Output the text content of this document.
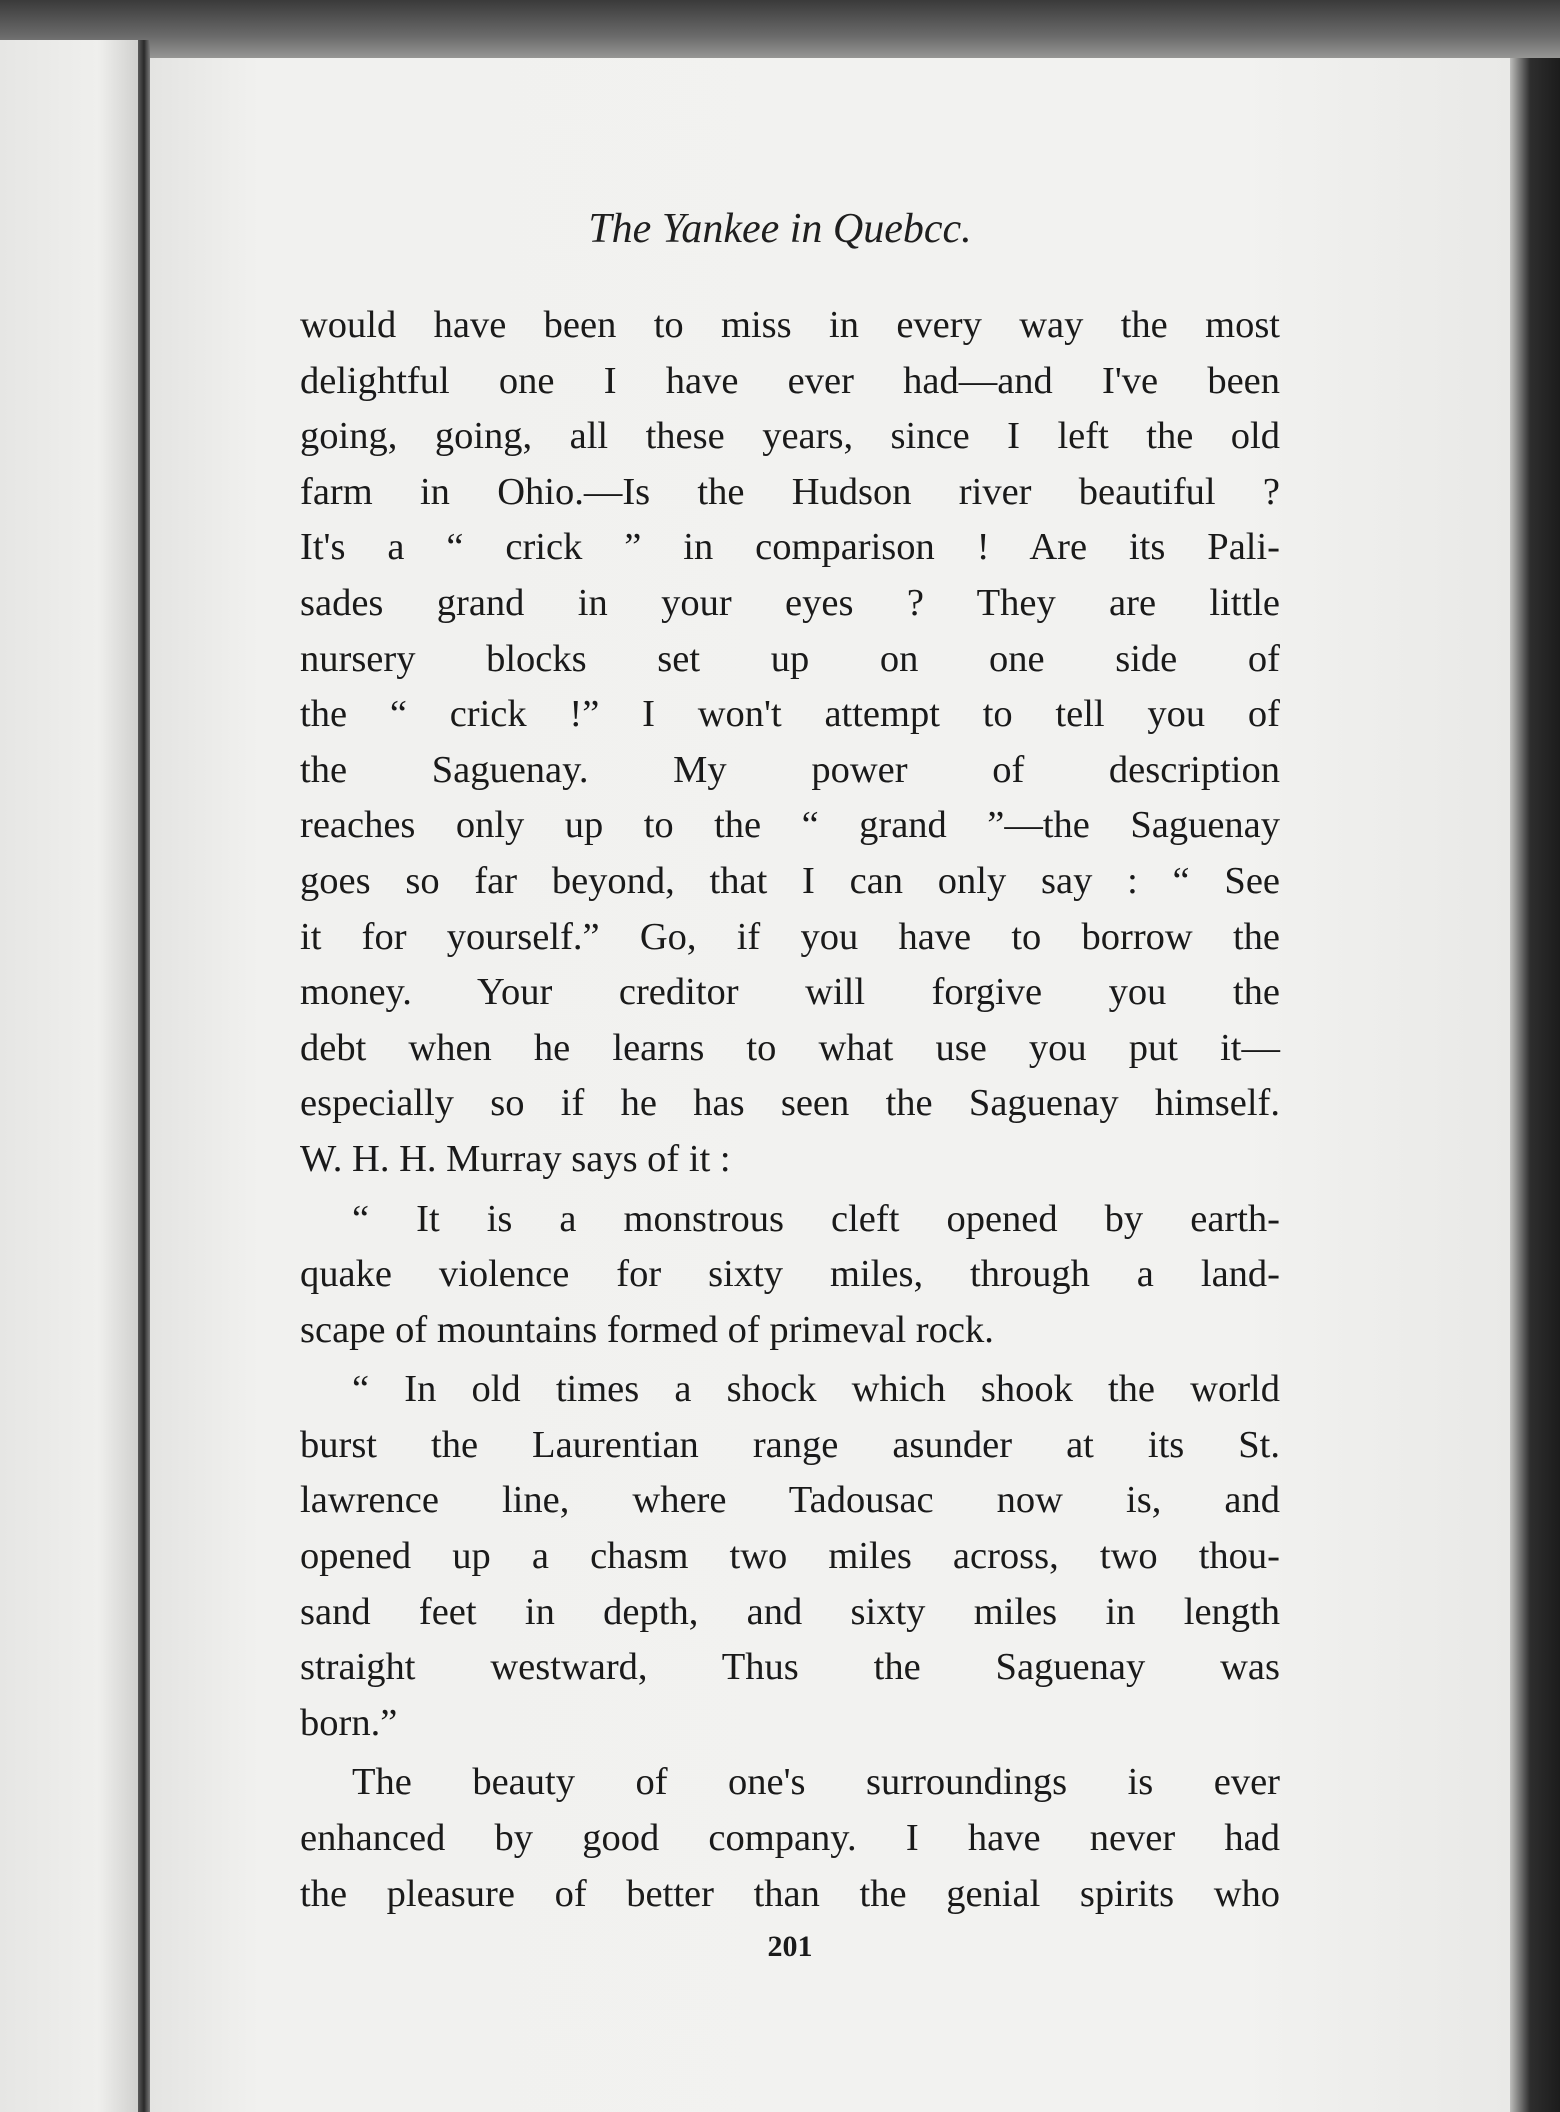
The Yankee in Quebcc.
would have been to miss in every way the most
delightful one I have ever had—and I've been
going, going, all these years, since I left the old
farm in Ohio.—Is the Hudson river beautiful ?
It's a “ crick ” in comparison ! Are its Pali-
sades grand in your eyes ? They are little
nursery blocks set up on one side of
the “ crick !” I won't attempt to tell you of
the Saguenay. My power of description
reaches only up to the “ grand ”—the Saguenay
goes so far beyond, that I can only say : “ See
it for yourself.” Go, if you have to borrow the
money. Your creditor will forgive you the
debt when he learns to what use you put it—
especially so if he has seen the Saguenay himself.
W. H. H. Murray says of it :
“ It is a monstrous cleft opened by earth-
quake violence for sixty miles, through a land-
scape of mountains formed of primeval rock.
“ In old times a shock which shook the world
burst the Laurentian range asunder at its St.
lawrence line, where Tadousac now is, and
opened up a chasm two miles across, two thou-
sand feet in depth, and sixty miles in length
straight westward, Thus the Saguenay was
born.”
The beauty of one's surroundings is ever
enhanced by good company. I have never had
the pleasure of better than the genial spirits who
201
